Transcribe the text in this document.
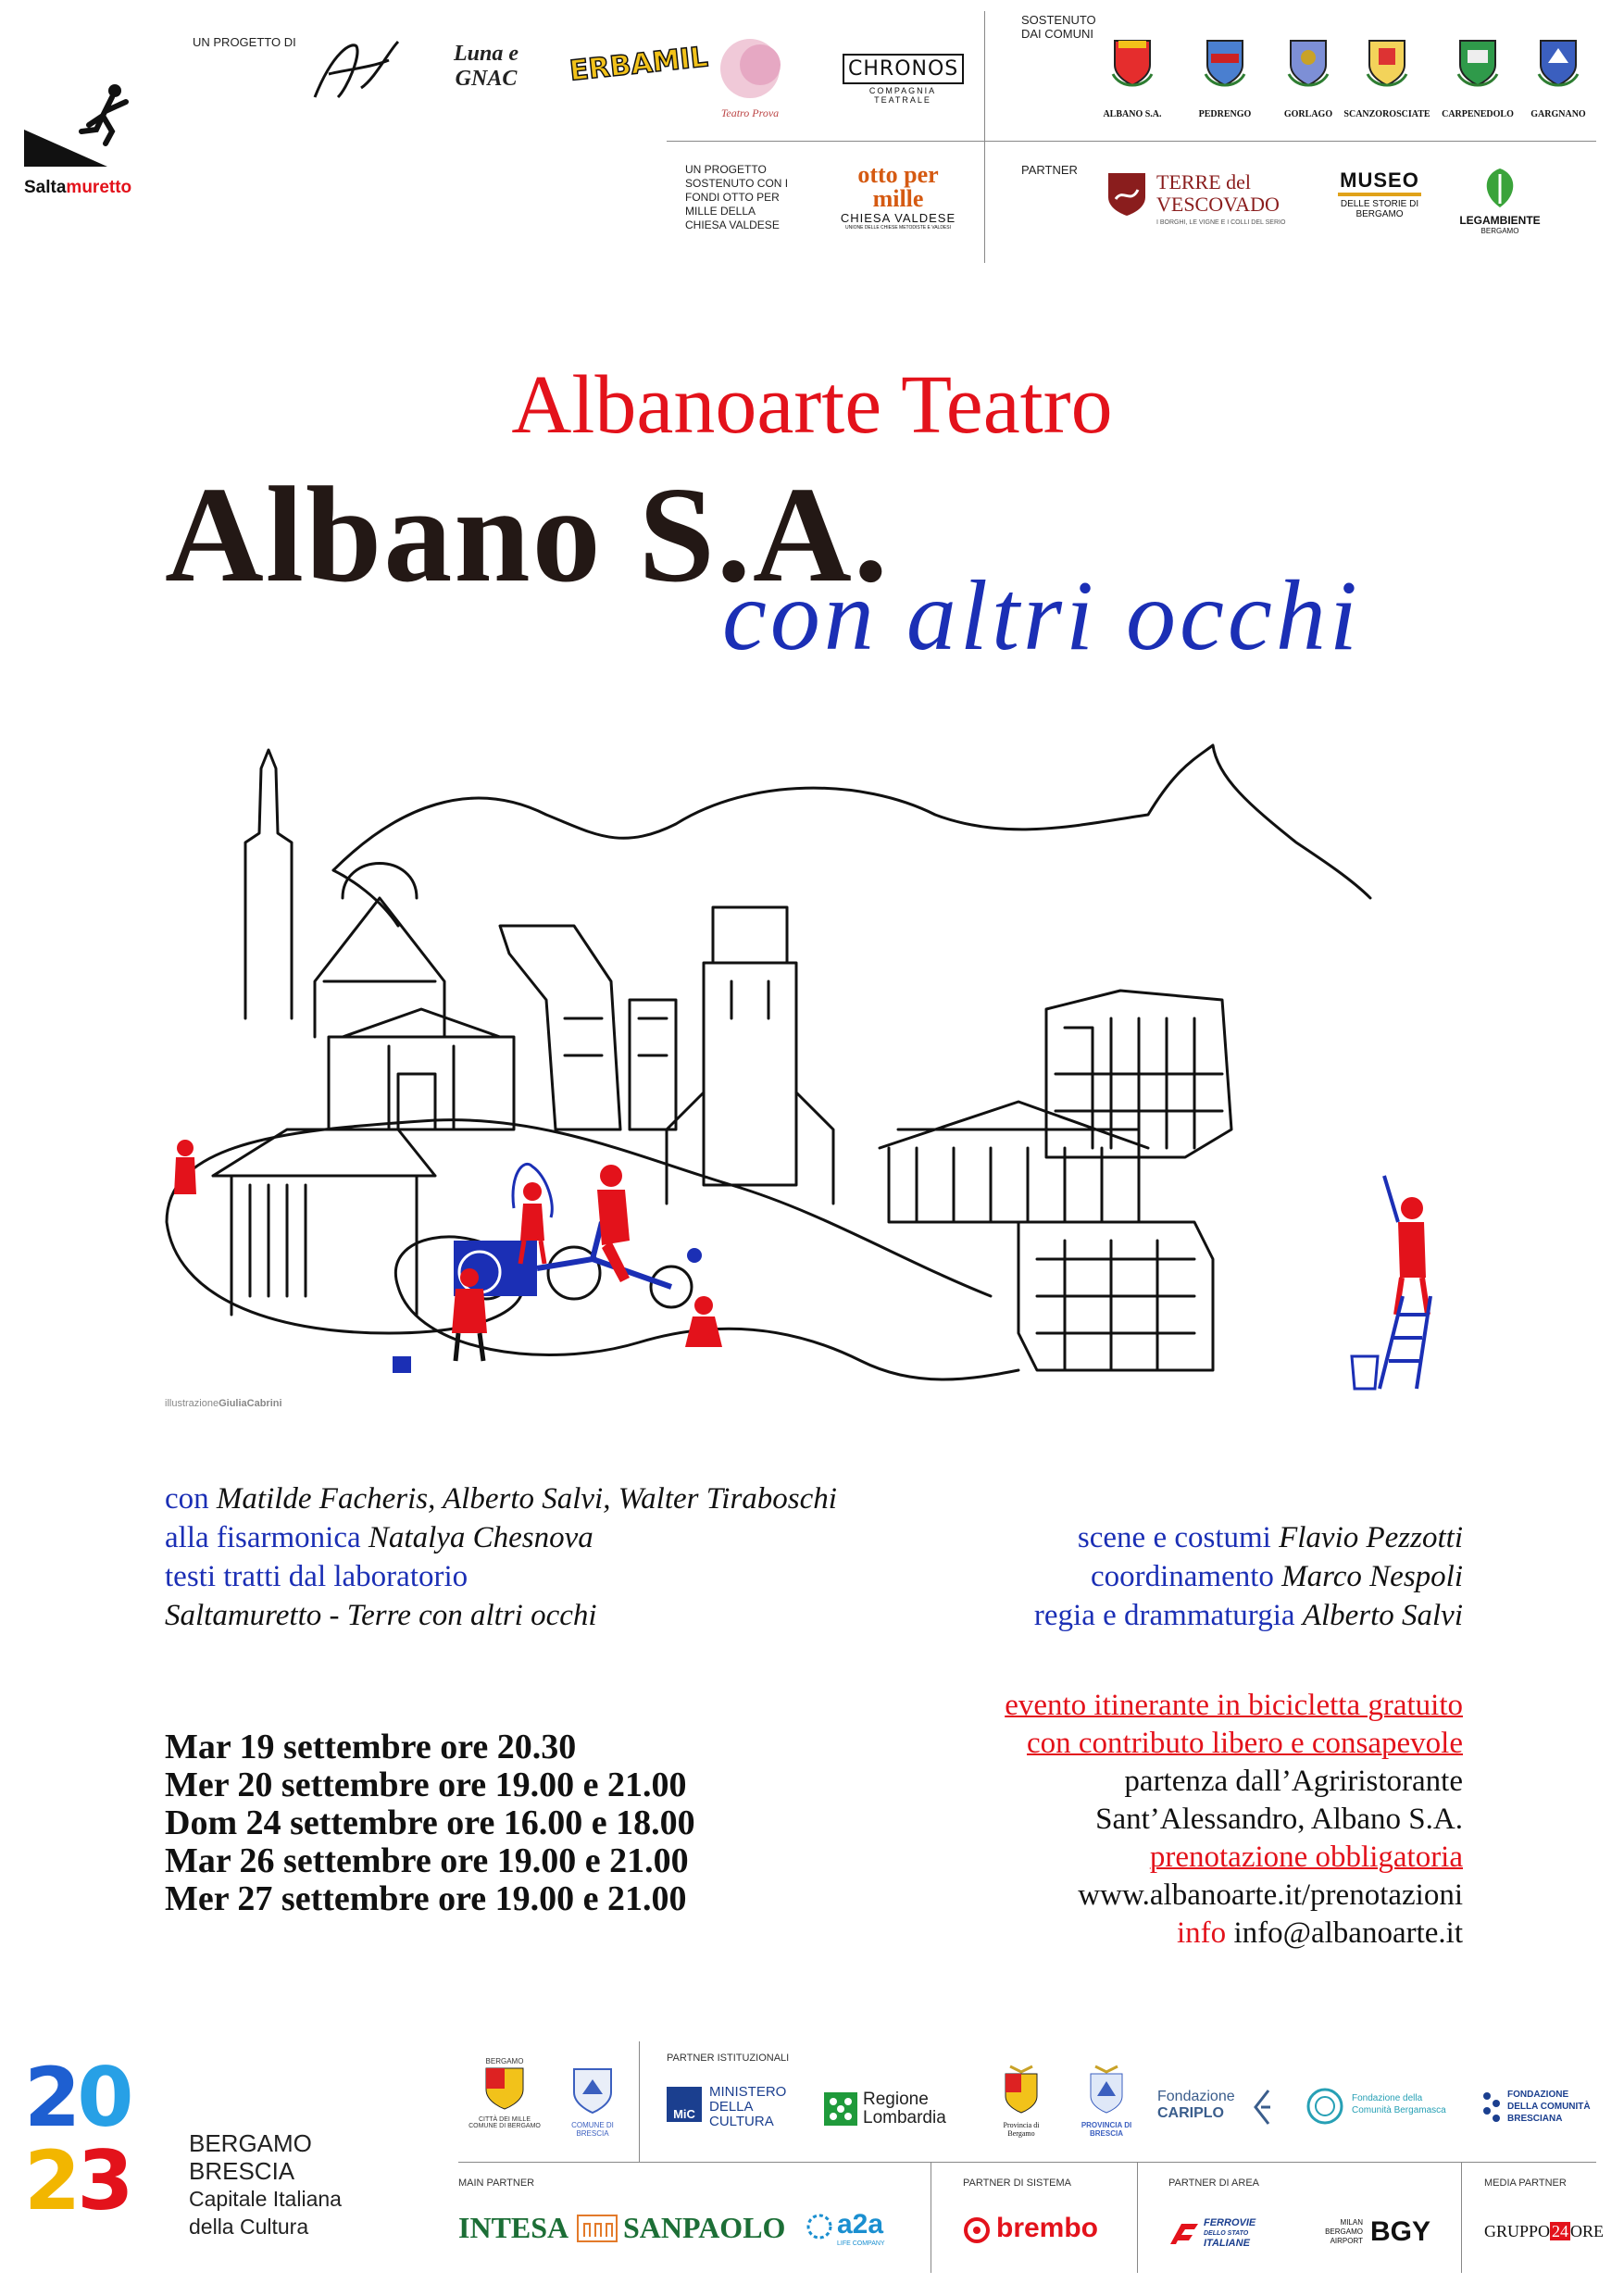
Saltamuretto
UN PROGETTO DI	Luna e GNAC	ERBAMIL
Teatro Prova
CHRONOS
COMPAGNIA TEATRALE
SOSTENUTO DAI COMUNI
ALBANO S.A.	PEDRENGO	GORLAGO	SCANZOROSCIATE	CARPENEDOLO	GARGNANO
UN PROGETTO SOSTENUTO CON I FONDI OTTO PER MILLE DELLA CHIESA VALDESE
otto per mille
CHIESA VALDESE
UNIONE DELLE CHIESE METODISTE E VALDESI
PARTNER
TERRE del VESCOVADO
I BORGHI, LE VIGNE E I COLLI DEL SERIO
MUSEO
DELLE STORIE DI BERGAMO	LEGAMBIENTE
BERGAMO
Albanoarte Teatro
Albano S.A.
con altri occhi
illustrazioneGiuliaCabrini
con Matilde Facheris, Alberto Salvi, Walter Tiraboschi
alla fisarmonica Natalya Chesnova
testi tratti dal laboratorio
Saltamuretto - Terre con altri occhi
scene e costumi Flavio Pezzotti
coordinamento Marco Nespoli
regia e drammaturgia Alberto Salvi
Mar 19 settembre ore 20.30
Mer 20 settembre ore 19.00 e 21.00
Dom 24 settembre ore 16.00 e 18.00
Mar 26 settembre ore 19.00 e 21.00
Mer 27 settembre ore 19.00 e 21.00
evento itinerante in bicicletta gratuito
con contributo libero e consapevole
partenza dall’Agriristorante
Sant’Alessandro, Albano S.A.
prenotazione obbligatoria
www.albanoarte.it/prenotazioni
info info@albanoarte.it
20
23 BERGAMO
BRESCIA
Capitale Italiana
della Cultura
BERGAMO
CITTÀ DEI MILLE
COMUNE DI BERGAMO	COMUNE DI BRESCIA
PARTNER ISTITUZIONALI
MiC
MINISTERO
DELLA
CULTURA
Regione
Lombardia	Provincia di Bergamo
PROVINCIA DI BRESCIA
Fondazione
CARIPLO
Fondazione della
Comunità Bergamasca
FONDAZIONE
DELLA COMUNITÀ
BRESCIANA
MAIN PARTNER
INTESA SANPAOLO a2a
LIFE COMPANY
PARTNER DI SISTEMA
brembo
PARTNER DI AREA
FERROVIE
DELLO STATO
ITALIANE
MILAN BERGAMO AIRPORT BGY
MEDIA PARTNER
GRUPPO 24 ORE
